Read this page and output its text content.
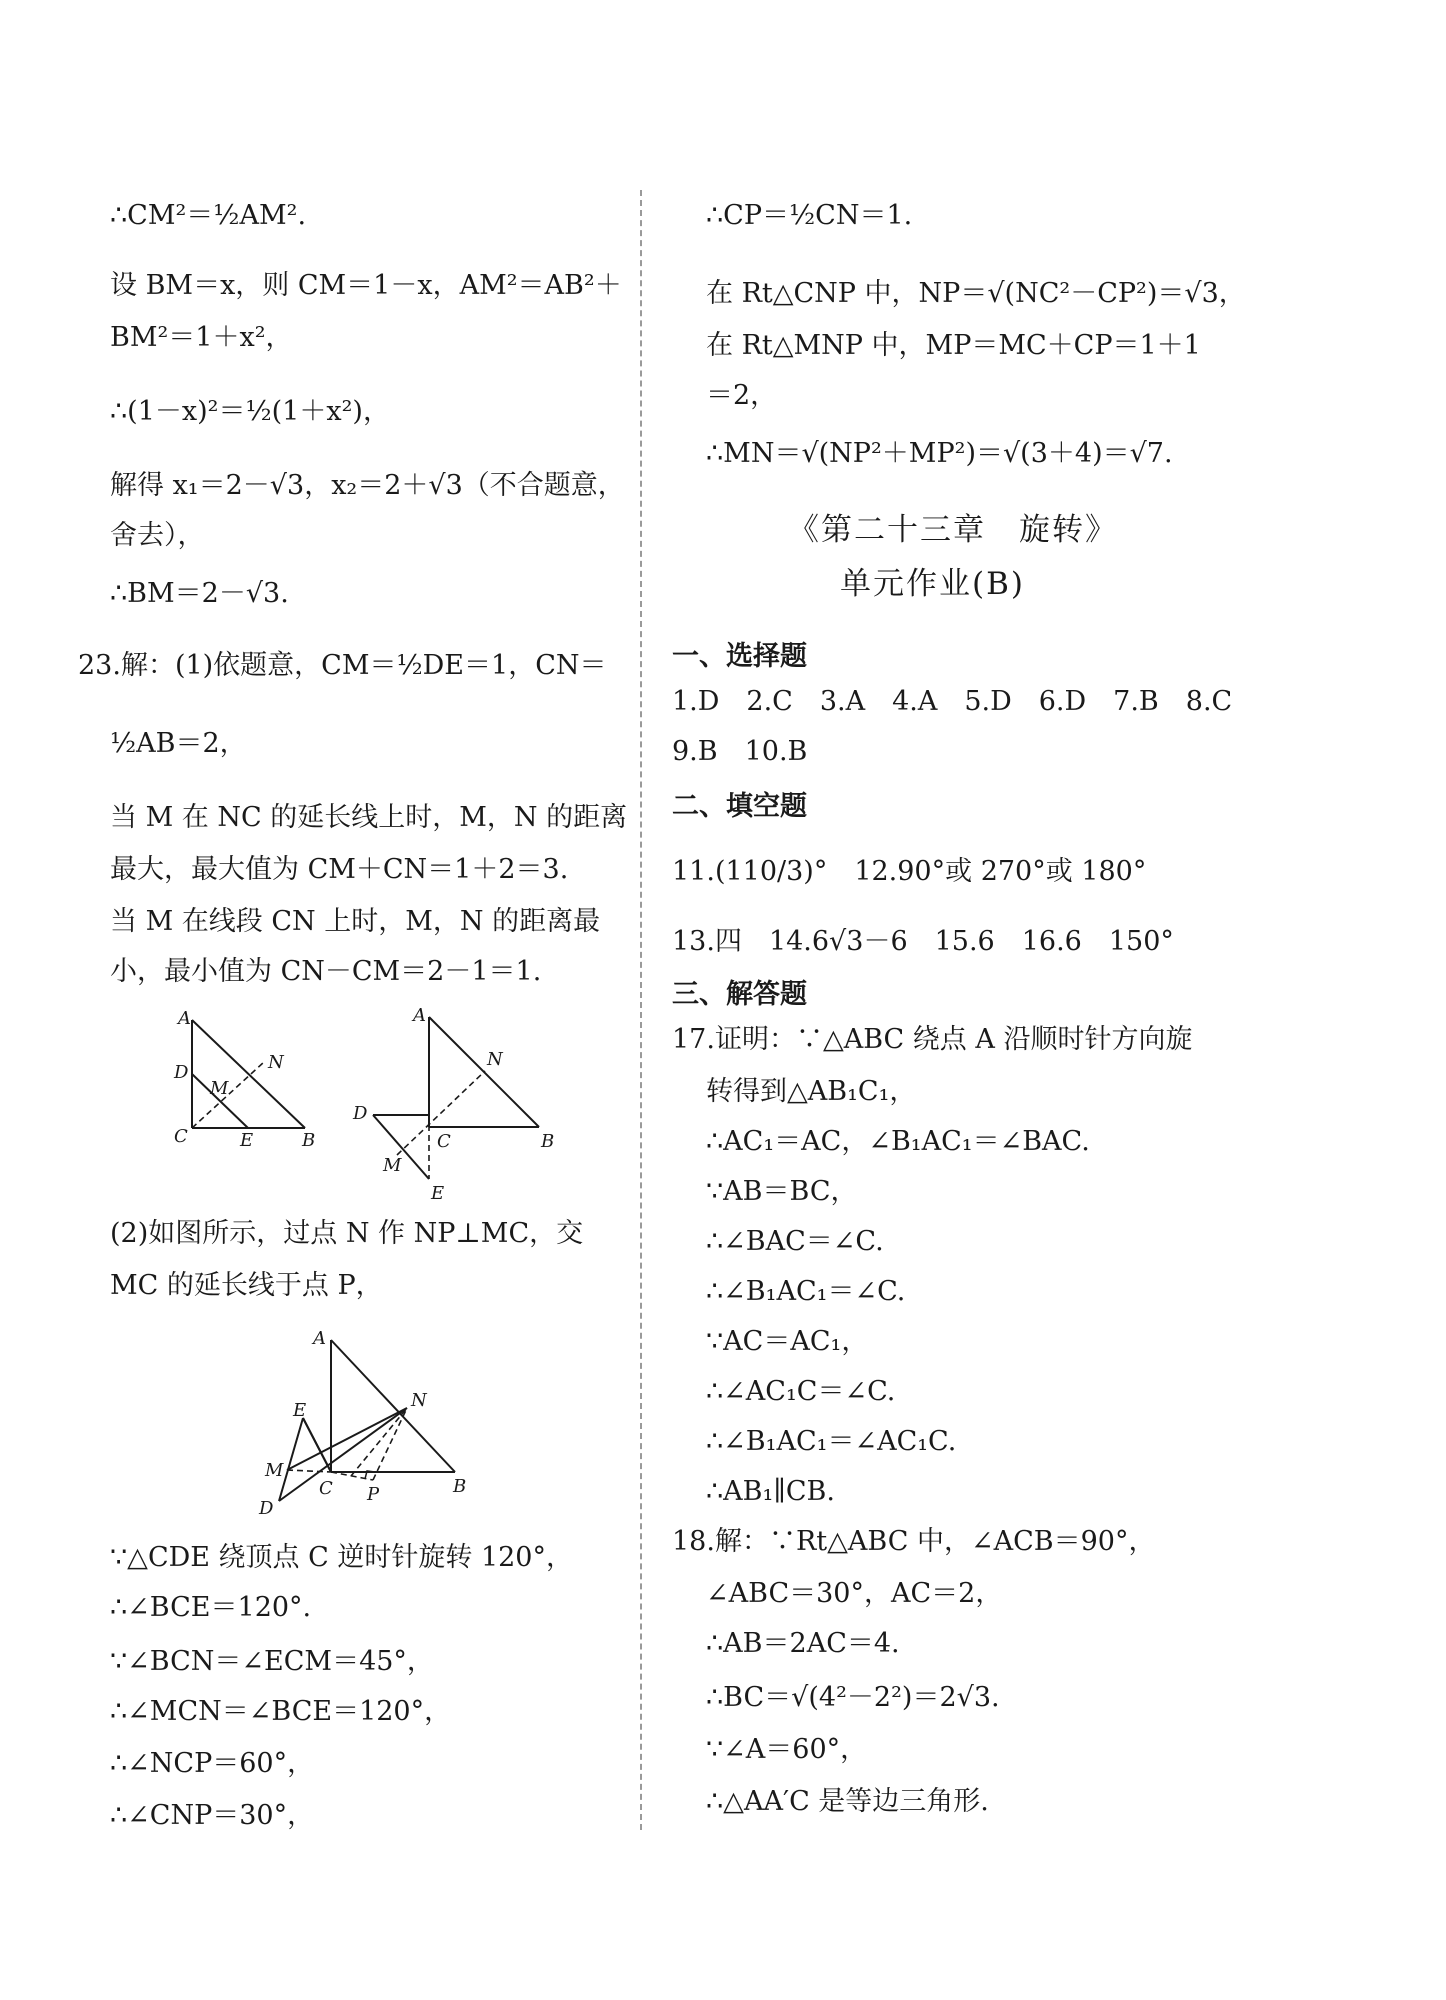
∴CM²＝½AM².
设 BM＝x，则 CM＝1－x，AM²＝AB²＋
BM²＝1＋x²，
∴(1－x)²＝½(1＋x²)，
解得 x₁＝2－√3，x₂＝2＋√3（不合题意，
舍去），
∴BM＝2－√3.
23.解：(1)依题意，CM＝½DE＝1，CN＝
½AB＝2，
当 M 在 NC 的延长线上时，M，N 的距离
最大，最大值为 CM＋CN＝1＋2＝3.
当 M 在线段 CN 上时，M，N 的距离最
小，最小值为 CN－CM＝2－1＝1.
A
D
M
N
C	E	B
A
N
D
C	B
M
E
(2)如图所示，过点 N 作 NP⊥MC，交
MC 的延长线于点 P，
A
E	N
M
C P	B
D
∵△CDE 绕顶点 C 逆时针旋转 120°，
∴∠BCE＝120°.
∵∠BCN＝∠ECM＝45°，
∴∠MCN＝∠BCE＝120°，
∴∠NCP＝60°，
∴∠CNP＝30°，
∴CP＝½CN＝1.
在 Rt△CNP 中，NP＝√(NC²－CP²)＝√3，
在 Rt△MNP 中，MP＝MC＋CP＝1＋1
＝2，
∴MN＝√(NP²＋MP²)＝√(3＋4)＝√7.
《第二十三章　旋转》
单元作业(B)
一、选择题
1.D　2.C　3.A　4.A　5.D　6.D　7.B　8.C
9.B　10.B
二、填空题
11.(110/3)°　12.90°或 270°或 180°
13.四　14.6√3－6　15.6　16.6　150°
三、解答题
17.证明：∵△ABC 绕点 A 沿顺时针方向旋
转得到△AB₁C₁，
∴AC₁＝AC，∠B₁AC₁＝∠BAC.
∵AB＝BC，
∴∠BAC＝∠C.
∴∠B₁AC₁＝∠C.
∵AC＝AC₁，
∴∠AC₁C＝∠C.
∴∠B₁AC₁＝∠AC₁C.
∴AB₁∥CB.
18.解：∵Rt△ABC 中，∠ACB＝90°，
∠ABC＝30°，AC＝2，
∴AB＝2AC＝4.
∴BC＝√(4²－2²)＝2√3.
∵∠A＝60°，
∴△AA′C 是等边三角形.
